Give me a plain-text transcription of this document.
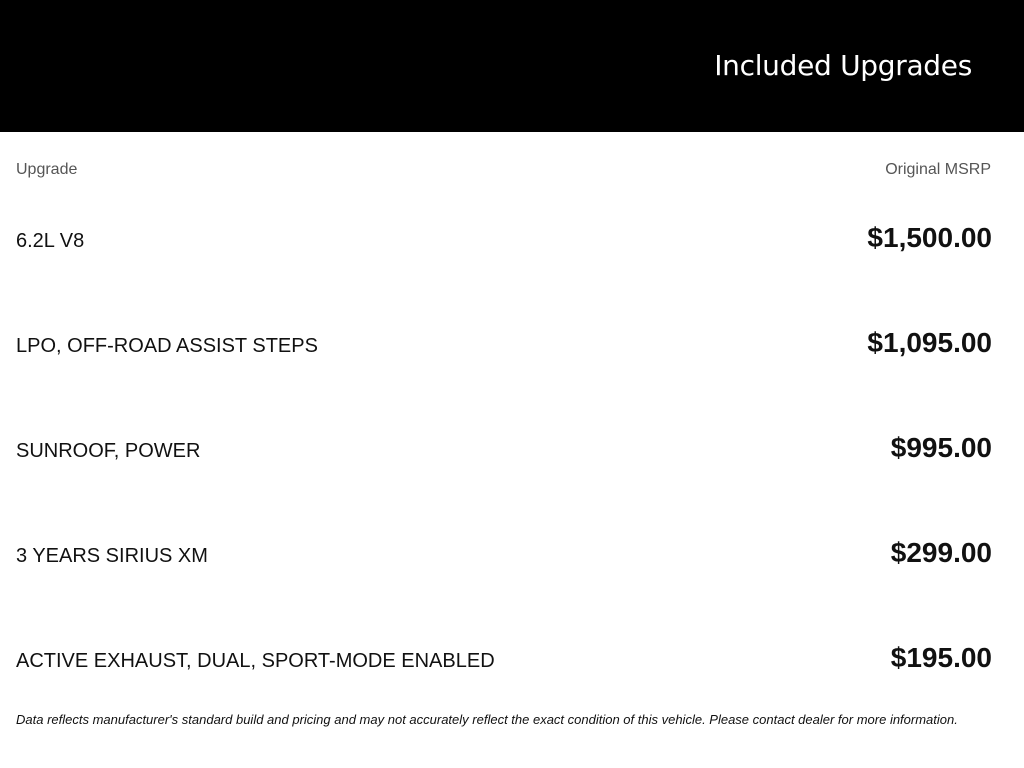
Included Upgrades
Upgrade	Original MSRP
6.2L V8	$1,500.00
LPO, OFF-ROAD ASSIST STEPS	$1,095.00
SUNROOF, POWER	$995.00
3 YEARS SIRIUS XM	$299.00
ACTIVE EXHAUST, DUAL, SPORT-MODE ENABLED	$195.00
Data reflects manufacturer's standard build and pricing and may not accurately reflect the exact condition of this vehicle. Please contact dealer for more information.
